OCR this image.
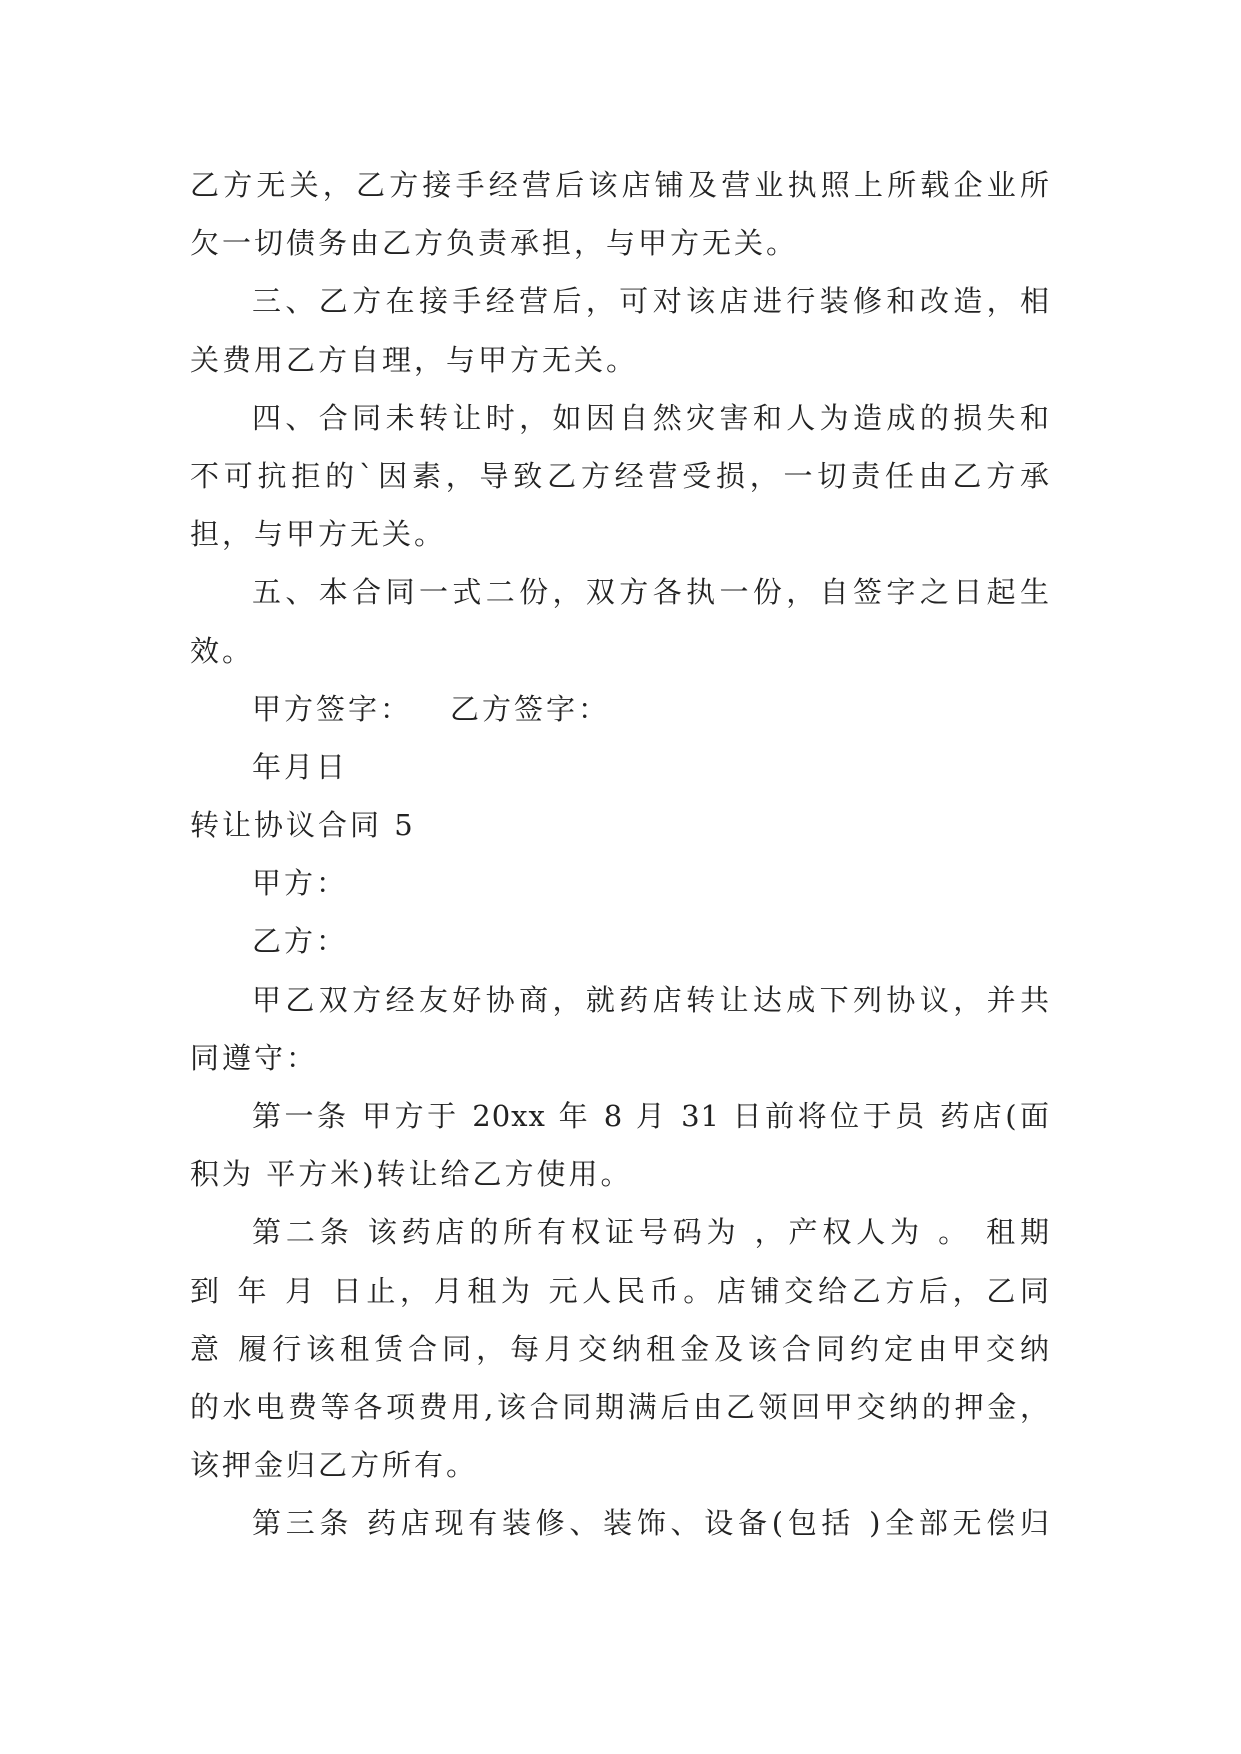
乙方无关，乙方接手经营后该店铺及营业执照上所载企业所
欠一切债务由乙方负责承担，与甲方无关。
三、乙方在接手经营后，可对该店进行装修和改造，相
关费用乙方自理，与甲方无关。
四、合同未转让时，如因自然灾害和人为造成的损失和
不可抗拒的`因素，导致乙方经营受损，一切责任由乙方承
担，与甲方无关。
五、本合同一式二份，双方各执一份，自签字之日起生
效。
甲方签字： 乙方签字：
年月日
转让协议合同 5
甲方：
乙方：
甲乙双方经友好协商，就药店转让达成下列协议，并共
同遵守：
第一条 甲方于 20xx 年 8 月 31 日前将位于员 药店(面
积为 平方米)转让给乙方使用。
第二条 该药店的所有权证号码为 ，产权人为 。 租期
到 年 月 日止，月租为 元人民币。店铺交给乙方后，乙同
意 履行该租赁合同，每月交纳租金及该合同约定由甲交纳
的水电费等各项费用,该合同期满后由乙领回甲交纳的押金，
该押金归乙方所有。
第三条 药店现有装修、装饰、设备(包括 )全部无偿归
